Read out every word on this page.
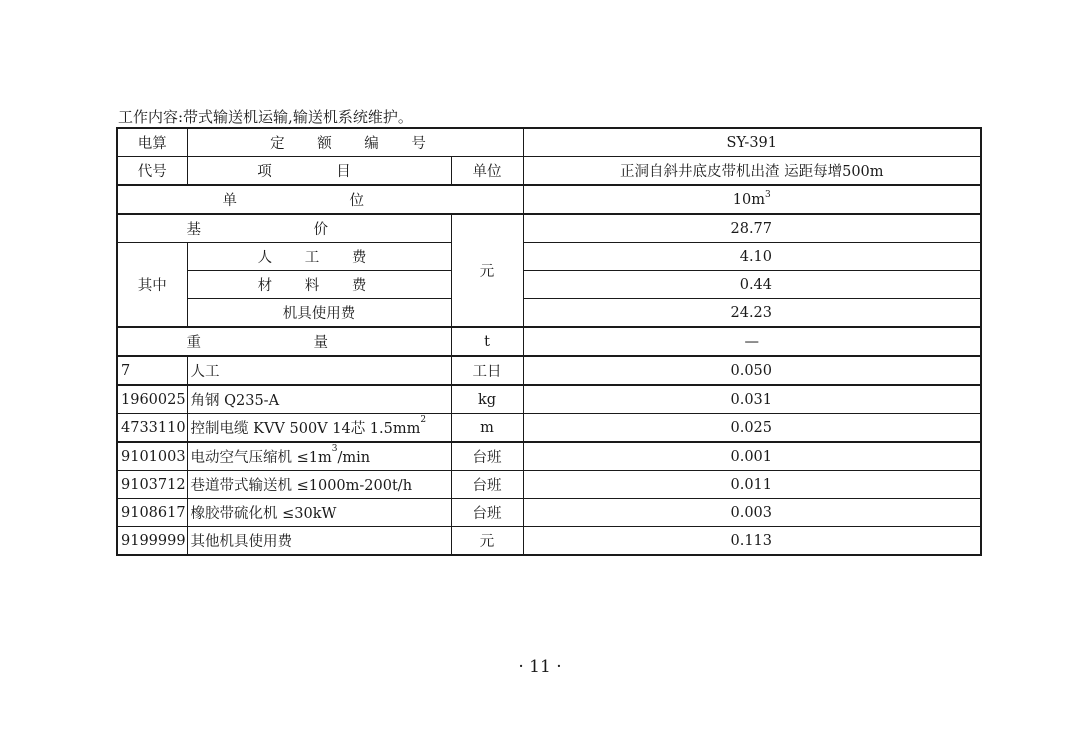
工作内容:带式输送机运输,输送机系统维护。
电算	定 额 编 号		SY-391
代号	项 目	单位	正洞自斜井底皮带机出渣 运距每增500m
单 位			$10m^3$
基 价		元	28.77
其中	人 工 费		4.10
	材 料 费		0.44
	机具使用费		24.23
重 量		t	—
7	人工	工日	0.050
1960025	角钢 Q235-A	kg	0.031
4733110	控制电缆 KVV 500V 14芯 $1.5mm^2$	m	0.025
9101003	电动空气压缩机 $\le 1m^3/\min$	台班	0.001
9103712	巷道带式输送机 ≤1000m-200t/h	台班	0.011
9108617	橡胶带硫化机 ≤30kW	台班	0.003
9199999	其他机具使用费	元	0.113
· 11 ·
